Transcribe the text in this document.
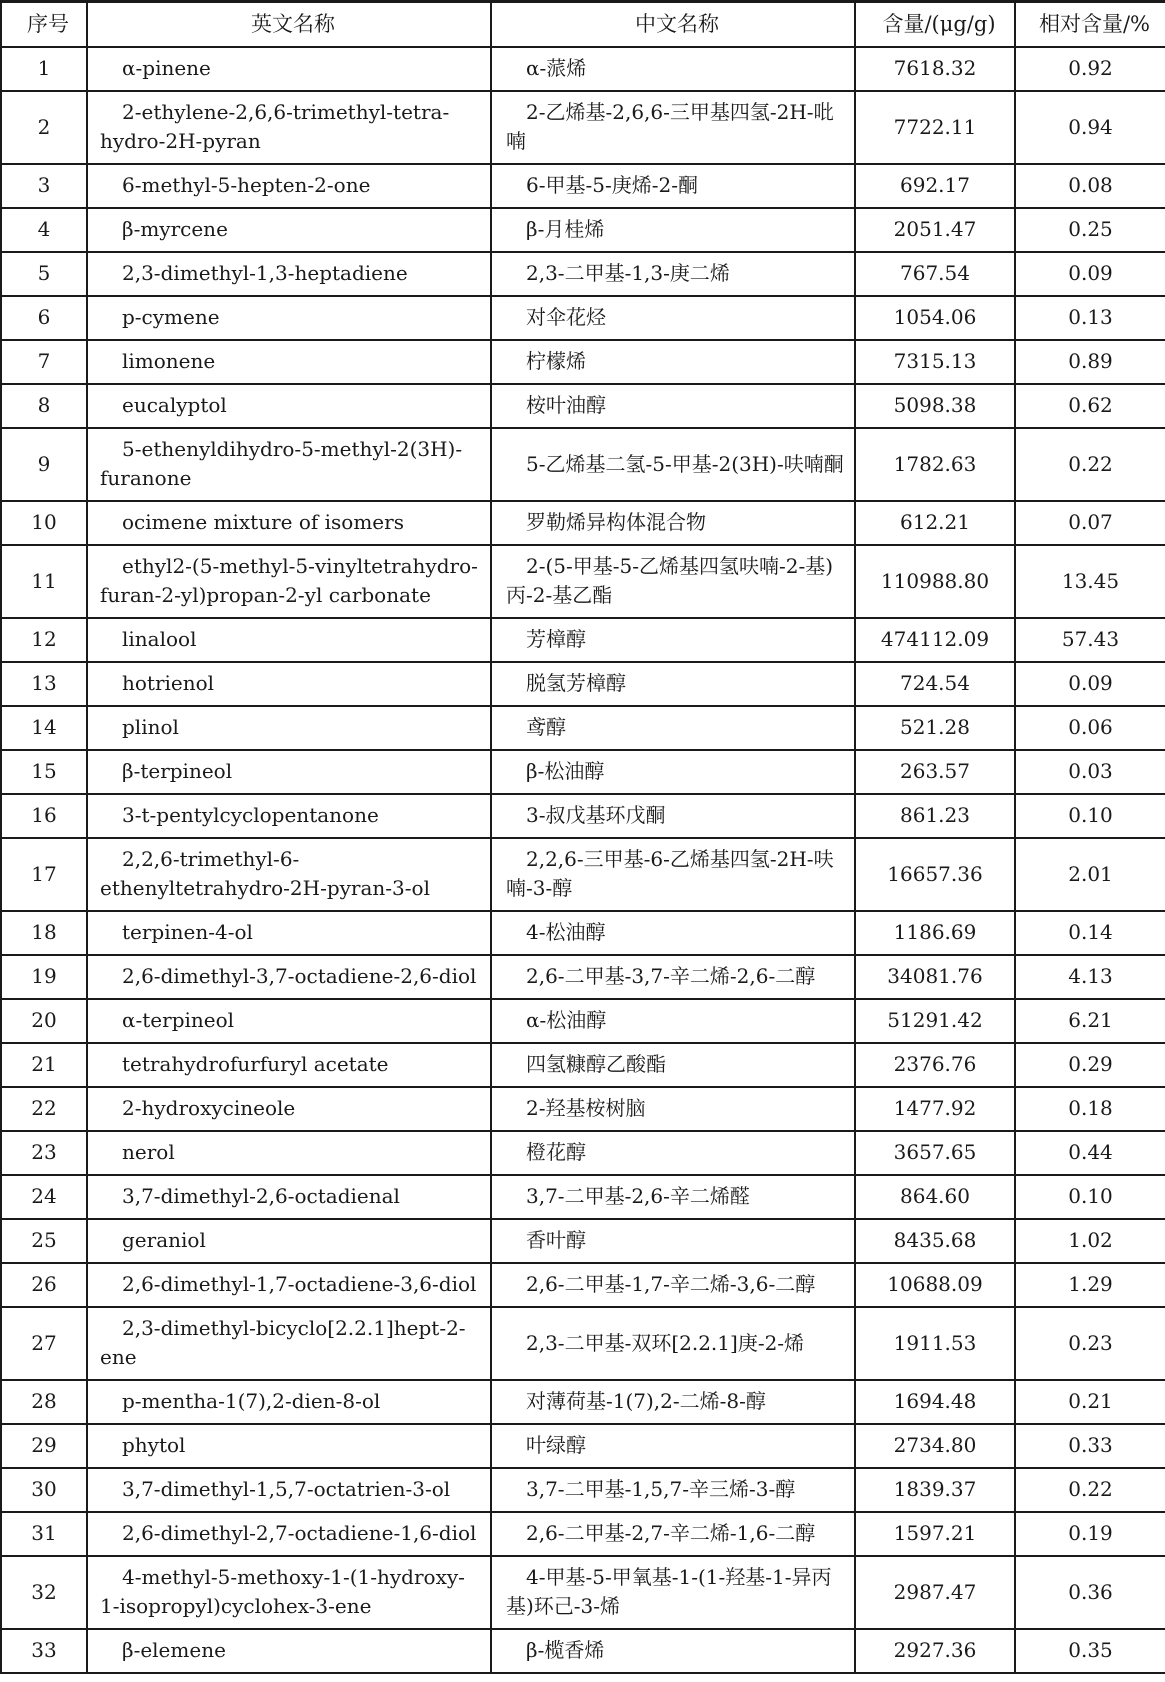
序号	英文名称	中文名称	含量/(μg/g)	相对含量/%
1	α-pinene	α-蒎烯	7618.32	0.92
2	2-ethylene-2,6,6-trimethyl-tetra-hydro-2H-pyran	2-乙烯基-2,6,6-三甲基四氢-2H-吡喃	7722.11	0.94
3	6-methyl-5-hepten-2-one	6-甲基-5-庚烯-2-酮	692.17	0.08
4	β-myrcene	β-月桂烯	2051.47	0.25
5	2,3-dimethyl-1,3-heptadiene	2,3-二甲基-1,3-庚二烯	767.54	0.09
6	p-cymene	对伞花烃	1054.06	0.13
7	limonene	柠檬烯	7315.13	0.89
8	eucalyptol	桉叶油醇	5098.38	0.62
9	5-ethenyldihydro-5-methyl-2(3H)-furanone	5-乙烯基二氢-5-甲基-2(3H)-呋喃酮	1782.63	0.22
10	ocimene mixture of isomers	罗勒烯异构体混合物	612.21	0.07
11	ethyl2-(5-methyl-5-vinyltetrahydro-furan-2-yl)propan-2-yl carbonate	2-(5-甲基-5-乙烯基四氢呋喃-2-基)丙-2-基乙酯	110988.80	13.45
12	linalool	芳樟醇	474112.09	57.43
13	hotrienol	脱氢芳樟醇	724.54	0.09
14	plinol	鸢醇	521.28	0.06
15	β-terpineol	β-松油醇	263.57	0.03
16	3-t-pentylcyclopentanone	3-叔戊基环戊酮	861.23	0.10
17	2,2,6-trimethyl-6-ethenyltetrahydro-2H-pyran-3-ol	2,2,6-三甲基-6-乙烯基四氢-2H-呋喃-3-醇	16657.36	2.01
18	terpinen-4-ol	4-松油醇	1186.69	0.14
19	2,6-dimethyl-3,7-octadiene-2,6-diol	2,6-二甲基-3,7-辛二烯-2,6-二醇	34081.76	4.13
20	α-terpineol	α-松油醇	51291.42	6.21
21	tetrahydrofurfuryl acetate	四氢糠醇乙酸酯	2376.76	0.29
22	2-hydroxycineole	2-羟基桉树脑	1477.92	0.18
23	nerol	橙花醇	3657.65	0.44
24	3,7-dimethyl-2,6-octadienal	3,7-二甲基-2,6-辛二烯醛	864.60	0.10
25	geraniol	香叶醇	8435.68	1.02
26	2,6-dimethyl-1,7-octadiene-3,6-diol	2,6-二甲基-1,7-辛二烯-3,6-二醇	10688.09	1.29
27	2,3-dimethyl-bicyclo[2.2.1]hept-2-ene	2,3-二甲基-双环[2.2.1]庚-2-烯	1911.53	0.23
28	p-mentha-1(7),2-dien-8-ol	对薄荷基-1(7),2-二烯-8-醇	1694.48	0.21
29	phytol	叶绿醇	2734.80	0.33
30	3,7-dimethyl-1,5,7-octatrien-3-ol	3,7-二甲基-1,5,7-辛三烯-3-醇	1839.37	0.22
31	2,6-dimethyl-2,7-octadiene-1,6-diol	2,6-二甲基-2,7-辛二烯-1,6-二醇	1597.21	0.19
32	4-methyl-5-methoxy-1-(1-hydroxy-1-isopropyl)cyclohex-3-ene	4-甲基-5-甲氧基-1-(1-羟基-1-异丙基)环己-3-烯	2987.47	0.36
33	β-elemene	β-榄香烯	2927.36	0.35
